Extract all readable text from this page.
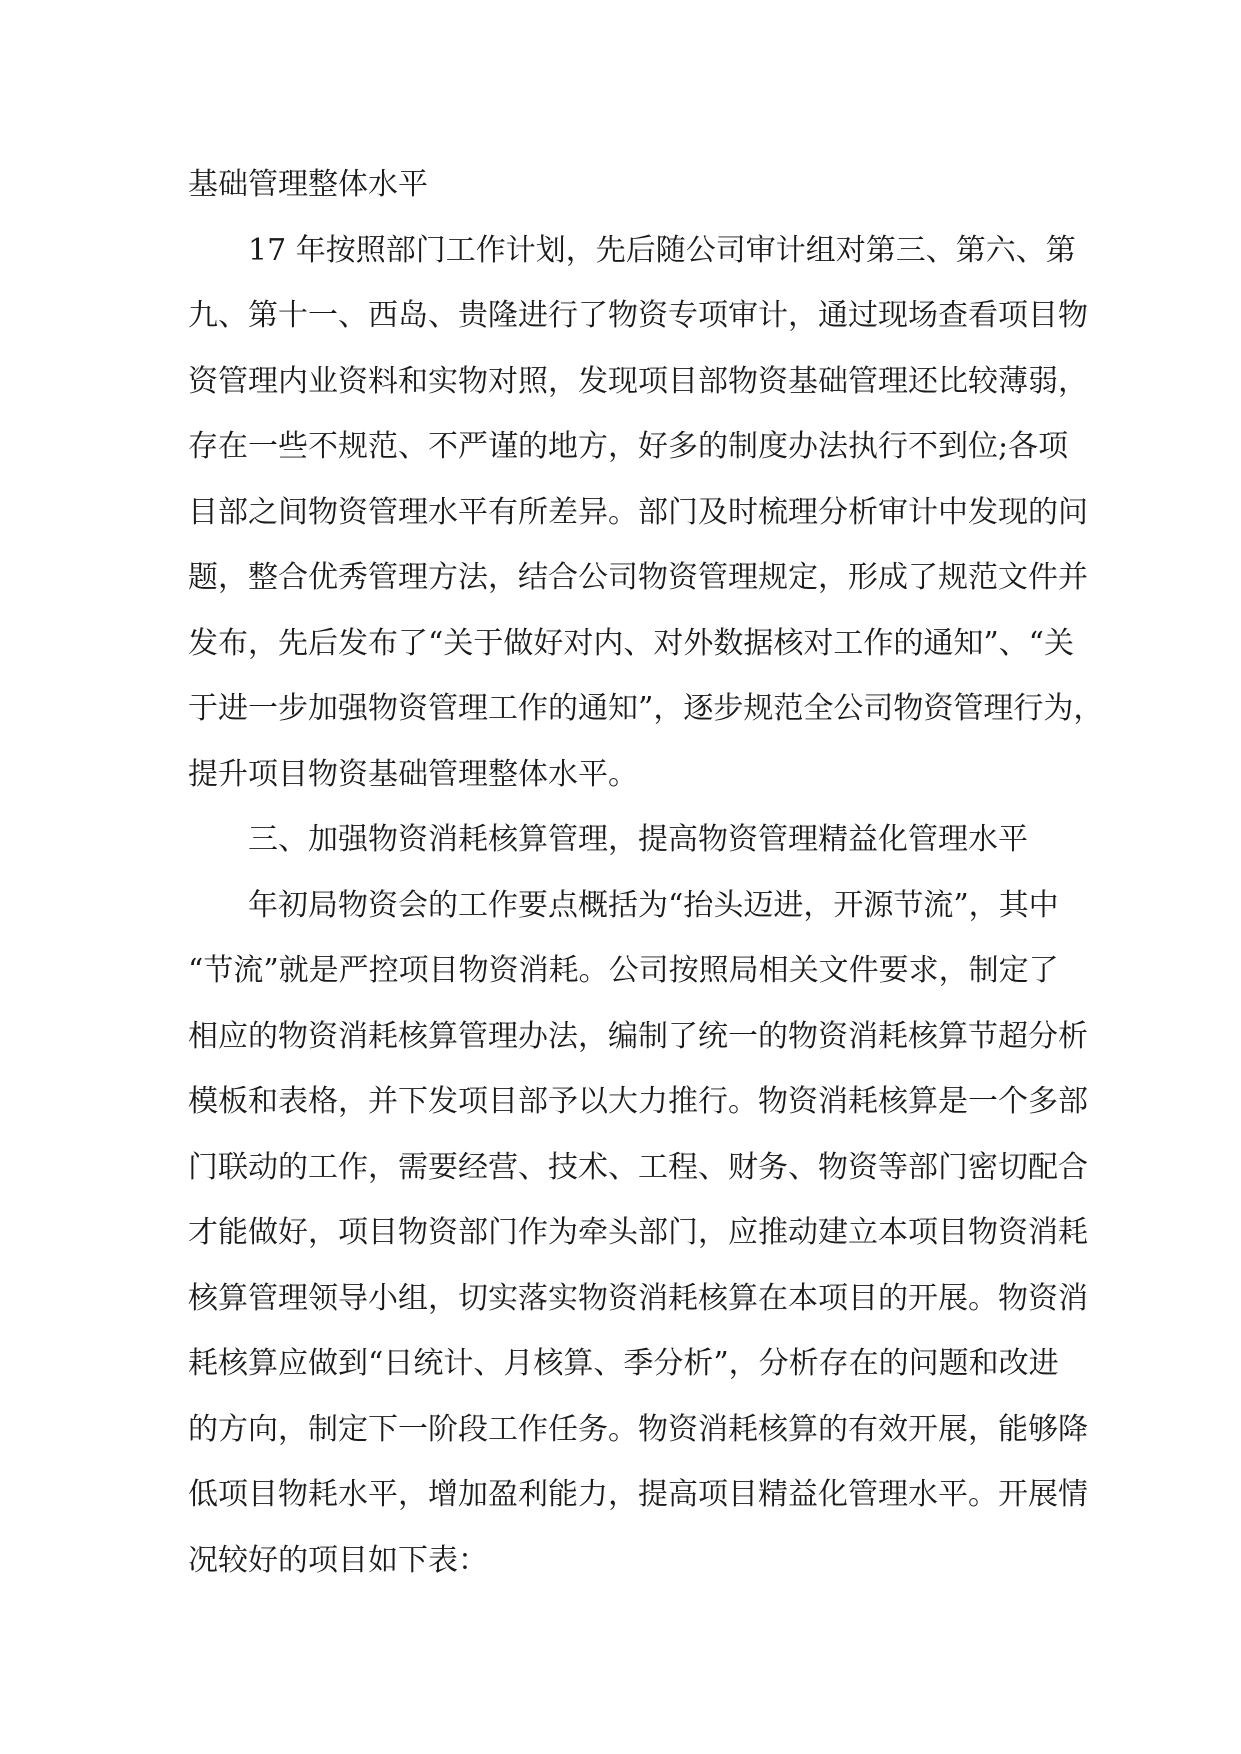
基础管理整体水平
17 年按照部门工作计划，先后随公司审计组对第三、第六、第
九、第十一、西岛、贵隆进行了物资专项审计，通过现场查看项目物
资管理内业资料和实物对照，发现项目部物资基础管理还比较薄弱，
存在一些不规范、不严谨的地方，好多的制度办法执行不到位;各项
目部之间物资管理水平有所差异。部门及时梳理分析审计中发现的问
题，整合优秀管理方法，结合公司物资管理规定，形成了规范文件并
发布，先后发布了“关于做好对内、对外数据核对工作的通知”、“关
于进一步加强物资管理工作的通知”，逐步规范全公司物资管理行为，
提升项目物资基础管理整体水平。
三、加强物资消耗核算管理，提高物资管理精益化管理水平
年初局物资会的工作要点概括为“抬头迈进，开源节流”，其中
“节流”就是严控项目物资消耗。公司按照局相关文件要求，制定了
相应的物资消耗核算管理办法，编制了统一的物资消耗核算节超分析
模板和表格，并下发项目部予以大力推行。物资消耗核算是一个多部
门联动的工作，需要经营、技术、工程、财务、物资等部门密切配合
才能做好，项目物资部门作为牵头部门，应推动建立本项目物资消耗
核算管理领导小组，切实落实物资消耗核算在本项目的开展。物资消
耗核算应做到“日统计、月核算、季分析”，分析存在的问题和改进
的方向，制定下一阶段工作任务。物资消耗核算的有效开展，能够降
低项目物耗水平，增加盈利能力，提高项目精益化管理水平。开展情
况较好的项目如下表：
